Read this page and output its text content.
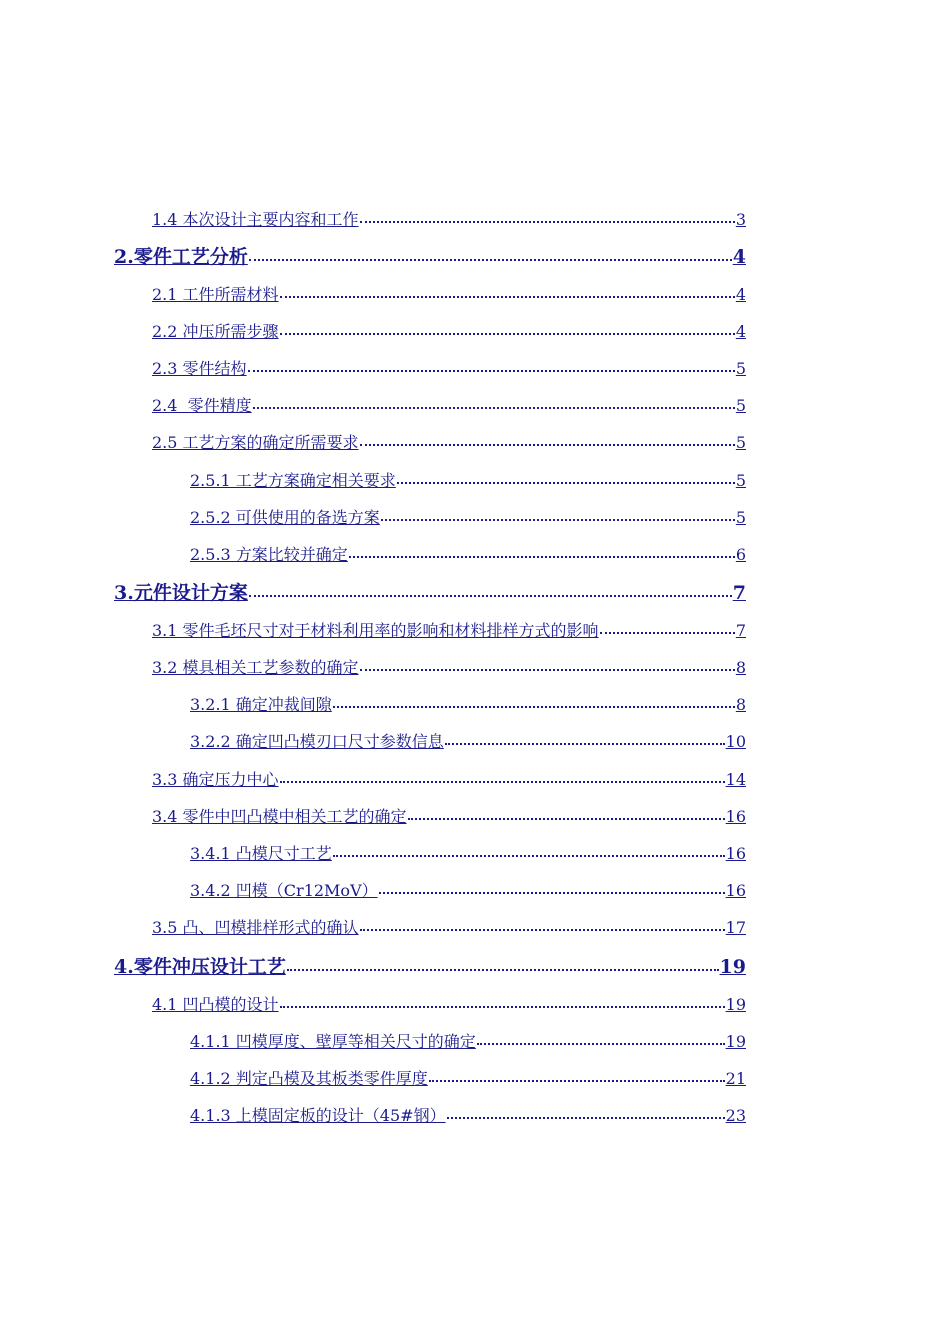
1.4 本次设计主要内容和工作	3
2.零件工艺分析	4
2.1 工件所需材料	4
2.2 冲压所需步骤	4
2.3 零件结构	5
2.4  零件精度	5
2.5 工艺方案的确定所需要求	5
2.5.1 工艺方案确定相关要求	5
2.5.2 可供使用的备选方案	5
2.5.3 方案比较并确定	6
3.元件设计方案	7
3.1 零件毛坯尺寸对于材料利用率的影响和材料排样方式的影响	7
3.2 模具相关工艺参数的确定	8
3.2.1 确定冲裁间隙	8
3.2.2 确定凹凸模刃口尺寸参数信息	10
3.3 确定压力中心	14
3.4 零件中凹凸模中相关工艺的确定	16
3.4.1 凸模尺寸工艺	16
3.4.2 凹模（Cr12MoV）	16
3.5 凸、凹模排样形式的确认	17
4.零件冲压设计工艺	19
4.1 凹凸模的设计	19
4.1.1 凹模厚度、壁厚等相关尺寸的确定	19
4.1.2 判定凸模及其板类零件厚度	21
4.1.3 上模固定板的设计（45#钢）	23
